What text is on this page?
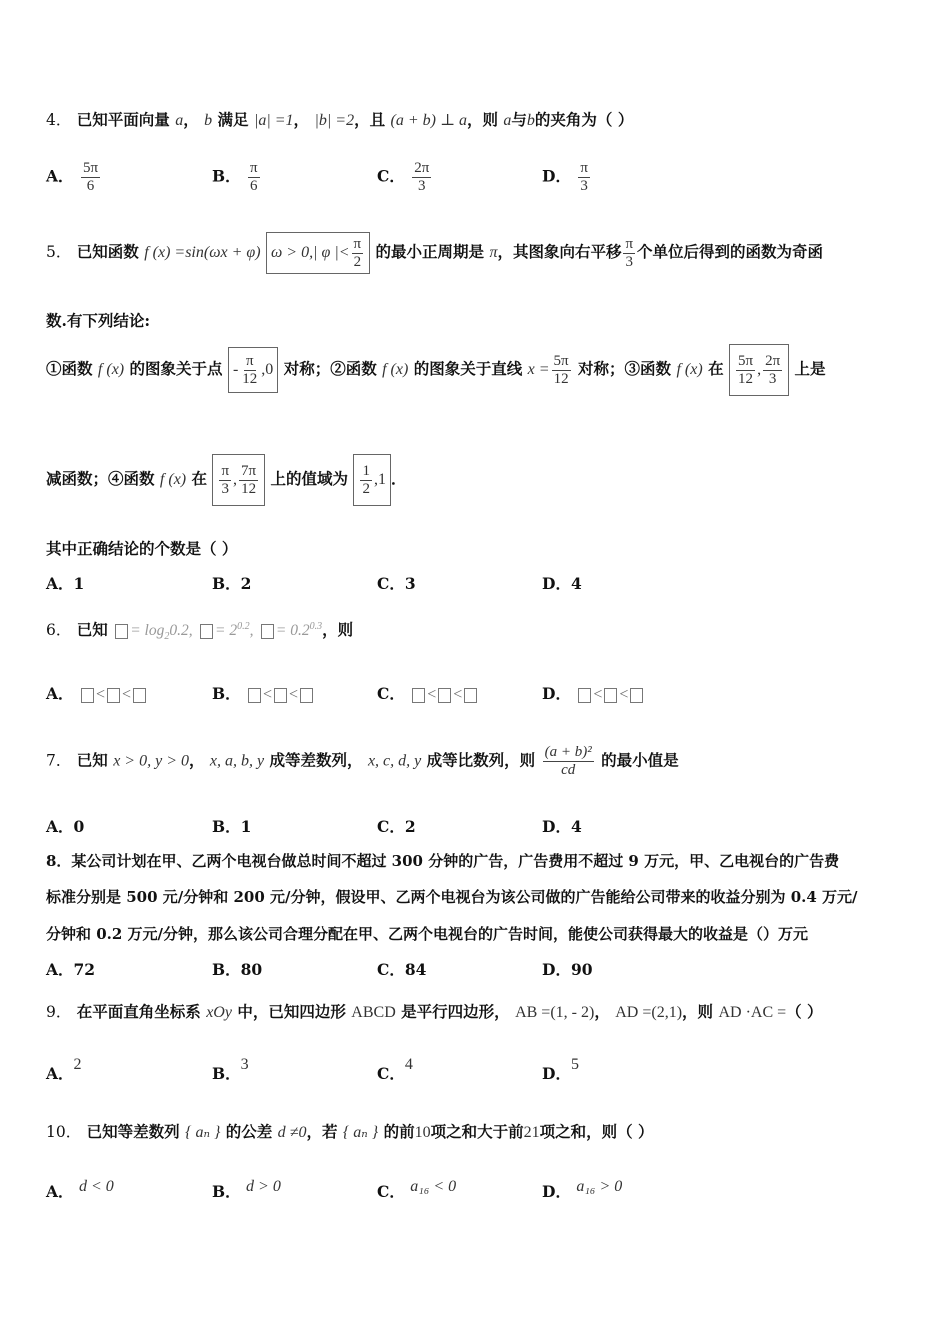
4． 已知平面向量 a， b 满足 |a| =1， |b| =2，且 (a + b) ⊥ a，则 a与b的夹角为（ ）
A． $\frac{5\pi}{6}$	B． $\frac{\pi}{6}$	C． $\frac{2\pi}{3}$	D． $\frac{\pi}{3}$
5． 已知函数 f (x) =sin(ωx + φ) ω > 0,| φ |< $\frac{\pi}{2}$ 的最小正周期是 π，其图象向右平移 $\frac{\pi}{3}$ 个单位后得到的函数为奇函
数.有下列结论:
①函数 f (x) 的图象关于点 - $\frac{\pi}{12} ,0$ 对称；②函数 f (x) 的图象关于直线 $x = \frac{5\pi}{12}$ 对称；③函数 f (x) 在 $\frac{5\pi}{12}$ , $\frac{2\pi}{3}$ 上是
减函数；④函数 f (x) 在 $\frac{\pi}{3}$ , $\frac{7\pi}{12}$ 上的值域为 $\frac{1}{2} ,1$ ．
其中正确结论的个数是（ ）
A．1	B．2	C．3	D．4
6． 已知 = $\log_20.2$, = $2^{0.2}$, = $0.2^{0.3}$，则
A． < <	B． < <	C． < <	D． < <
7． 已知 x > 0, y > 0， x, a, b, y 成等差数列， x, c, d, y 成等比数列，则 $\frac{\text{(a + b)²}}{cd}$ 的最小值是
A．0	B．1	C．2	D．4
8．某公司计划在甲、乙两个电视台做总时间不超过 300 分钟的广告，广告费用不超过 9 万元，甲、乙电视台的广告费
标准分别是 500 元/分钟和 200 元/分钟，假设甲、乙两个电视台为该公司做的广告能给公司带来的收益分别为 0.4 万元/
分钟和 0.2 万元/分钟，那么该公司合理分配在甲、乙两个电视台的广告时间，能使公司获得最大的收益是（）万元
A．72	B．80	C．84	D．90
9． 在平面直角坐标系 xOy 中，已知四边形 ABCD 是平行四边形， AB =(1, - 2)， AD =(2,1)，则 AD ·AC =（ ）
A．2	B．3	C．4	D．5
10． 已知等差数列 { aₙ } 的公差 d ≠0，若 { aₙ } 的前10项之和大于前21项之和，则（ ）
A． d < 0	B． d > 0	C． a₁₆ < 0	D． a₁₆ > 0
